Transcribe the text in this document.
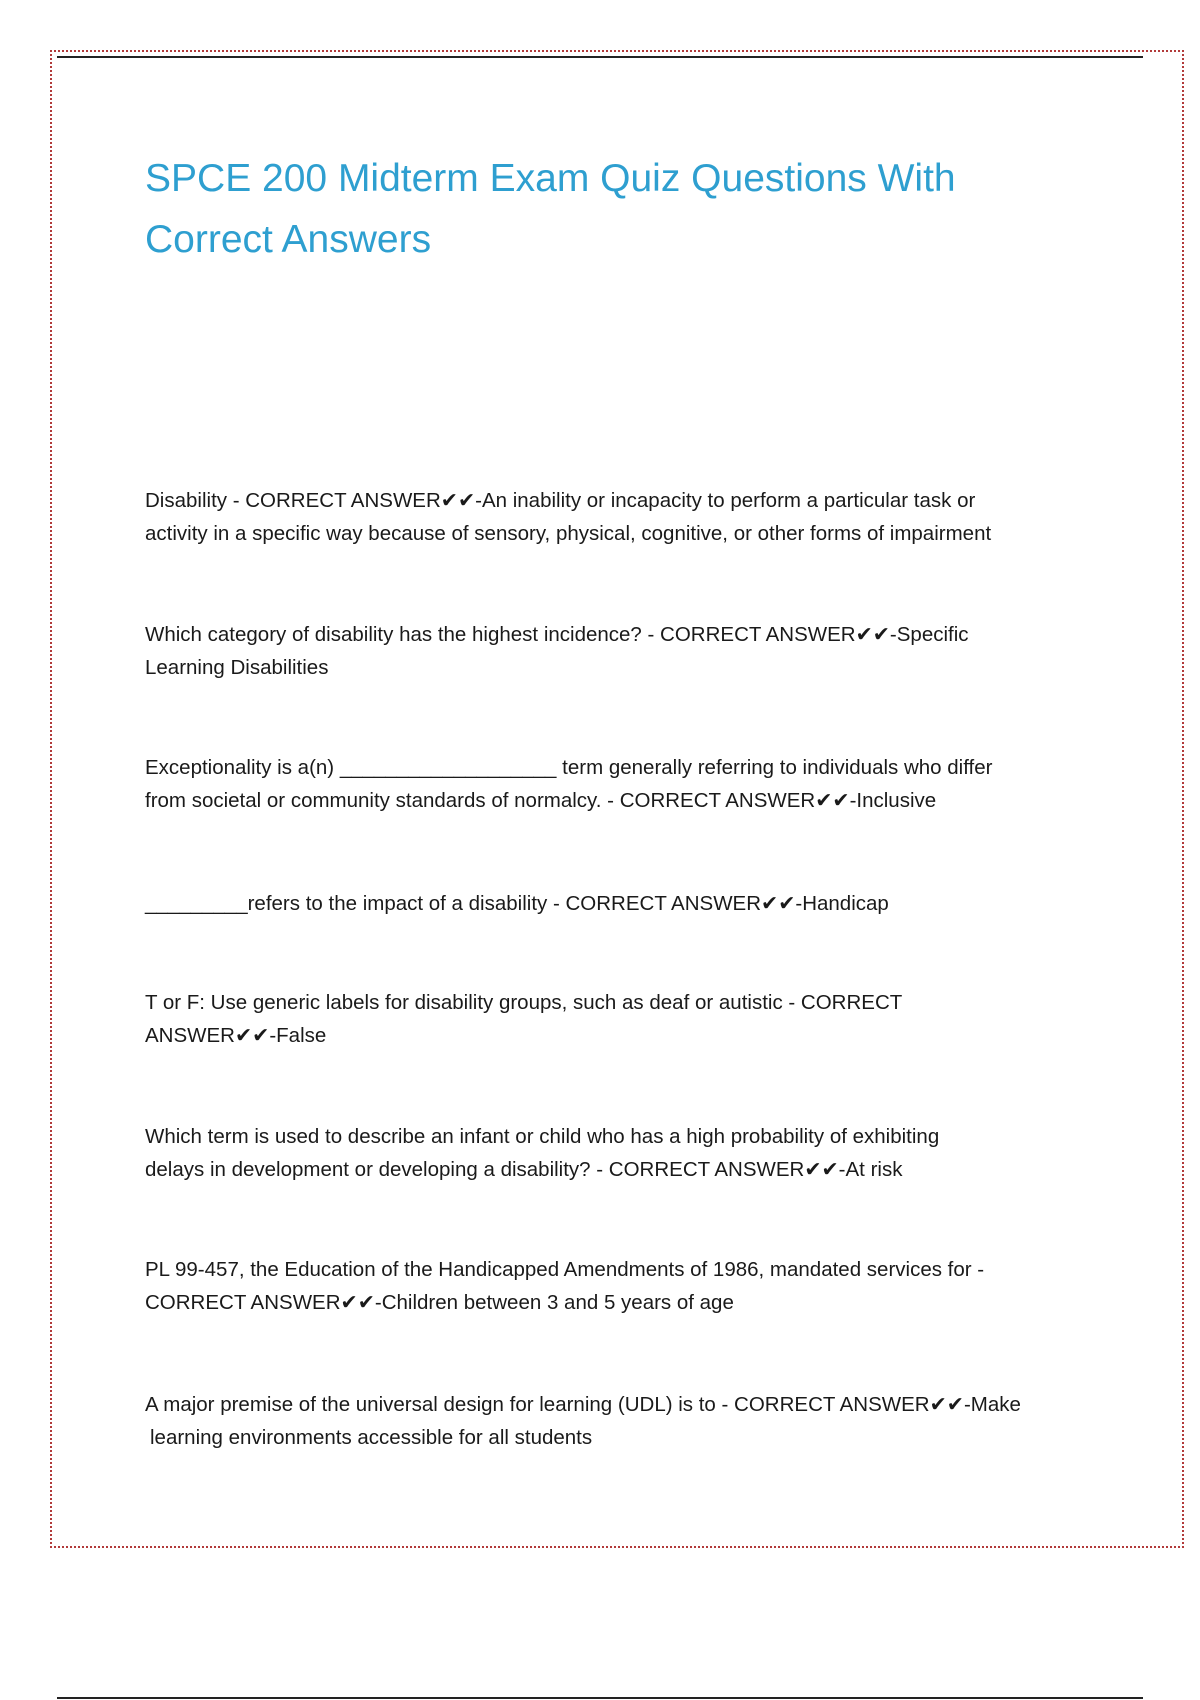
SPCE 200 Midterm Exam Quiz Questions With
Correct Answers
Disability - CORRECT ANSWER✔✔-An inability or incapacity to perform a particular task or
activity in a specific way because of sensory, physical, cognitive, or other forms of impairment
Which category of disability has the highest incidence? - CORRECT ANSWER✔✔-Specific
Learning Disabilities
Exceptionality is a(n) ___________________ term generally referring to individuals who differ
from societal or community standards of normalcy. - CORRECT ANSWER✔✔-Inclusive
_________refers to the impact of a disability - CORRECT ANSWER✔✔-Handicap
T or F: Use generic labels for disability groups, such as deaf or autistic - CORRECT
ANSWER✔✔-False
Which term is used to describe an infant or child who has a high probability of exhibiting
delays in development or developing a disability? - CORRECT ANSWER✔✔-At risk
PL 99-457, the Education of the Handicapped Amendments of 1986, mandated services for -
CORRECT ANSWER✔✔-Children between 3 and 5 years of age
A major premise of the universal design for learning (UDL) is to - CORRECT ANSWER✔✔-Make
learning environments accessible for all students
